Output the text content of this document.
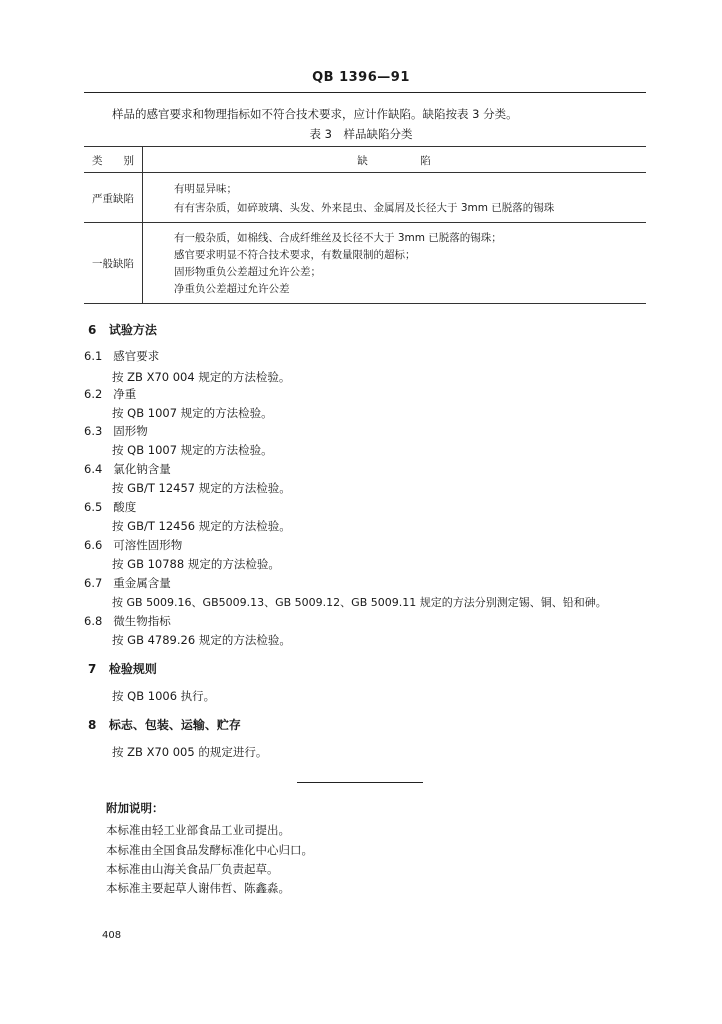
QB 1396—91
样品的感官要求和物理指标如不符合技术要求，应计作缺陷。缺陷按表 3 分类。
表 3　样品缺陷分类
类　　别	缺　　　　　陷
严重缺陷
有明显异味；
有有害杂质，如碎玻璃、头发、外来昆虫、金属屑及长径大于 3mm 已脱落的锡珠
一般缺陷
有一般杂质，如棉线、合成纤维丝及长径不大于 3mm 已脱落的锡珠；
感官要求明显不符合技术要求，有数量限制的超标；
固形物重负公差超过允许公差；
净重负公差超过允许公差
6 试验方法
6.1 感官要求
按 ZB X70 004 规定的方法检验。
6.2 净重
按 QB 1007 规定的方法检验。
6.3 固形物
按 QB 1007 规定的方法检验。
6.4 氯化钠含量
按 GB/T 12457 规定的方法检验。
6.5 酸度
按 GB/T 12456 规定的方法检验。
6.6 可溶性固形物
按 GB 10788 规定的方法检验。
6.7 重金属含量
按 GB 5009.16、GB5009.13、GB 5009.12、GB 5009.11 规定的方法分别测定锡、铜、铅和砷。
6.8 微生物指标
按 GB 4789.26 规定的方法检验。
7 检验规则
按 QB 1006 执行。
8 标志、包装、运输、贮存
按 ZB X70 005 的规定进行。
附加说明：
本标准由轻工业部食品工业司提出。
本标准由全国食品发酵标准化中心归口。
本标准由山海关食品厂负责起草。
本标准主要起草人谢伟哲、陈鑫淼。
408
